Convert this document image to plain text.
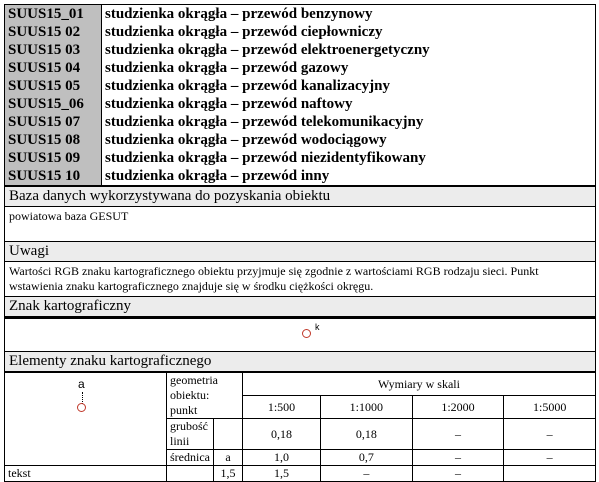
SUUS15_01	studzienka okrągła – przewód benzynowy
SUUS15 02	studzienka okrągła – przewód ciepłowniczy
SUUS15 03	studzienka okrągła – przewód elektroenergetyczny
SUUS15 04	studzienka okrągła – przewód gazowy
SUUS15 05	studzienka okrągła – przewód kanalizacyjny
SUUS15_06	studzienka okrągła – przewód naftowy
SUUS15 07	studzienka okrągła – przewód telekomunikacyjny
SUUS15 08	studzienka okrągła – przewód wodociągowy
SUUS15 09	studzienka okrągła – przewód niezidentyfikowany
SUUS15 10	studzienka okrągła – przewód inny
Baza danych wykorzystywana do pozyskania obiektu
powiatowa baza GESUT
Uwagi
Wartości RGB znaku kartograficznego obiektu przyjmuje się zgodnie z wartościami RGB rodzaju sieci. Punkt wstawienia znaku kartograficznego znajduje się w środku ciężkości okręgu.
Znak kartograficzny
k
Elementy znaku kartograficznego
a	geometria obiektu: punkt		Wymiary w skali			
			1:500	1:1000	1:2000	1:5000
	grubość linii		0,18	0,18	–	–
	średnica	a	1,0	0,7	–	–
tekst		1,5	1,5	–	–	
